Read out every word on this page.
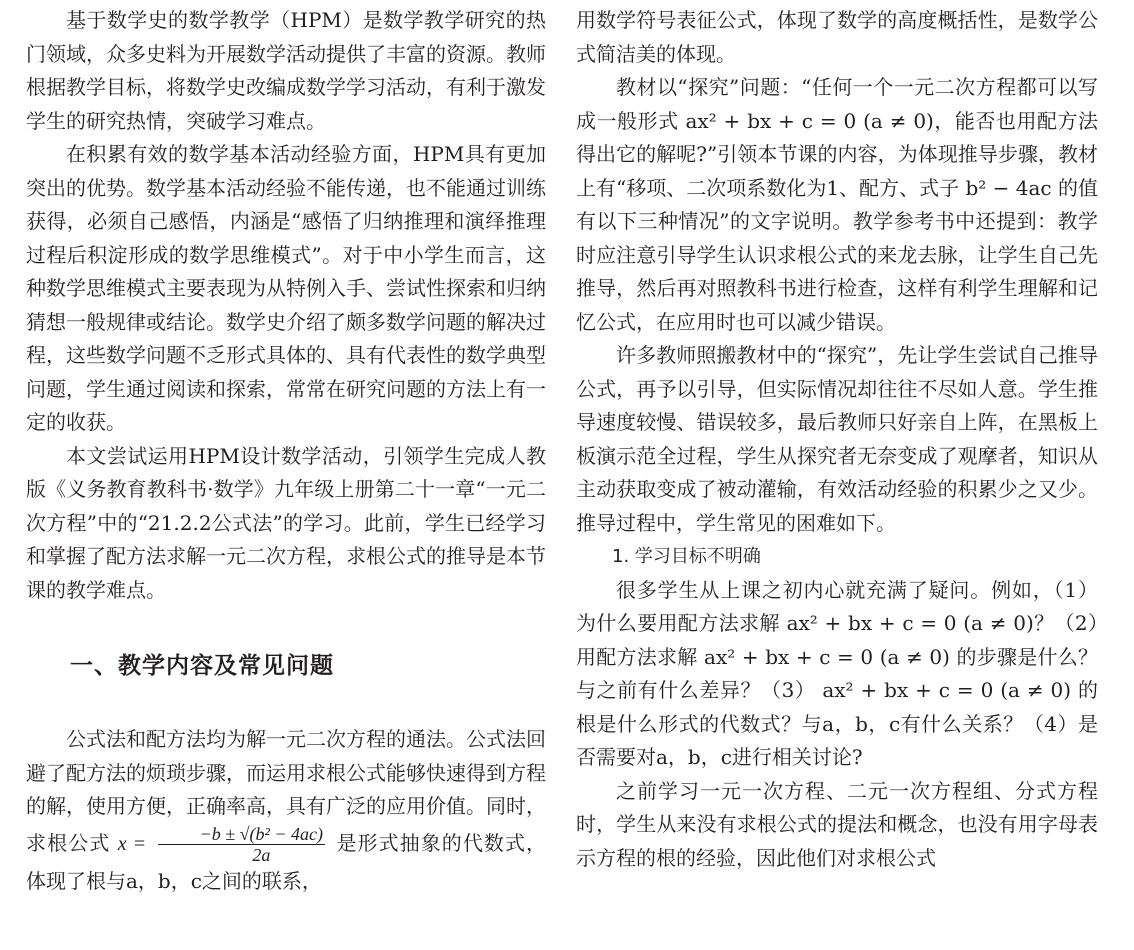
基于数学史的数学教学（HPM）是数学教学研究的热门领域，众多史料为开展数学活动提供了丰富的资源。教师根据教学目标，将数学史改编成数学学习活动，有利于激发学生的研究热情，突破学习难点。

在积累有效的数学基本活动经验方面，HPM具有更加突出的优势。数学基本活动经验不能传递，也不能通过训练获得，必须自己感悟，内涵是“感悟了归纳推理和演绎推理过程后积淀形成的数学思维模式”。对于中小学生而言，这种数学思维模式主要表现为从特例入手、尝试性探索和归纳猜想一般规律或结论。数学史介绍了颇多数学问题的解决过程，这些数学问题不乏形式具体的、具有代表性的数学典型问题，学生通过阅读和探索，常常在研究问题的方法上有一定的收获。

本文尝试运用HPM设计数学活动，引领学生完成人教版《义务教育教科书·数学》九年级上册第二十一章“一元二次方程”中的“21.2.2公式法”的学习。此前，学生已经学习和掌握了配方法求解一元二次方程，求根公式的推导是本节课的教学难点。

一、教学内容及常见问题

公式法和配方法均为解一元二次方程的通法。公式法回避了配方法的烦琐步骤，而运用求根公式能够快速得到方程的解，使用方便，正确率高，具有广泛的应用价值。同时，求根公式 $x = \frac{\text{−b ± √(b² − 4ac)}}{2a}$ 是形式抽象的代数式，体现了根与a，b，c之间的联系，

用数学符号表征公式，体现了数学的高度概括性，是数学公式简洁美的体现。

教材以“探究”问题：“任何一个一元二次方程都可以写成一般形式 ax² + bx + c = 0 (a ≠ 0)，能否也用配方法得出它的解呢?”引领本节课的内容，为体现推导步骤，教材上有“移项、二次项系数化为1、配方、式子 b² − 4ac 的值有以下三种情况”的文字说明。教学参考书中还提到：教学时应注意引导学生认识求根公式的来龙去脉，让学生自己先推导，然后再对照教科书进行检查，这样有利学生理解和记忆公式，在应用时也可以减少错误。

许多教师照搬教材中的“探究”，先让学生尝试自己推导公式，再予以引导，但实际情况却往往不尽如人意。学生推导速度较慢、错误较多，最后教师只好亲自上阵，在黑板上板演示范全过程，学生从探究者无奈变成了观摩者，知识从主动获取变成了被动灌输，有效活动经验的积累少之又少。推导过程中，学生常见的困难如下。

1. 学习目标不明确

很多学生从上课之初内心就充满了疑问。例如，（1）为什么要用配方法求解 ax² + bx + c = 0 (a ≠ 0)？（2）用配方法求解 ax² + bx + c = 0 (a ≠ 0) 的步骤是什么？与之前有什么差异？（3） ax² + bx + c = 0 (a ≠ 0) 的根是什么形式的代数式？与a，b，c有什么关系？（4）是否需要对a，b，c进行相关讨论?

之前学习一元一次方程、二元一次方程组、分式方程时，学生从来没有求根公式的提法和概念，也没有用字母表示方程的根的经验，因此他们对求根公式
